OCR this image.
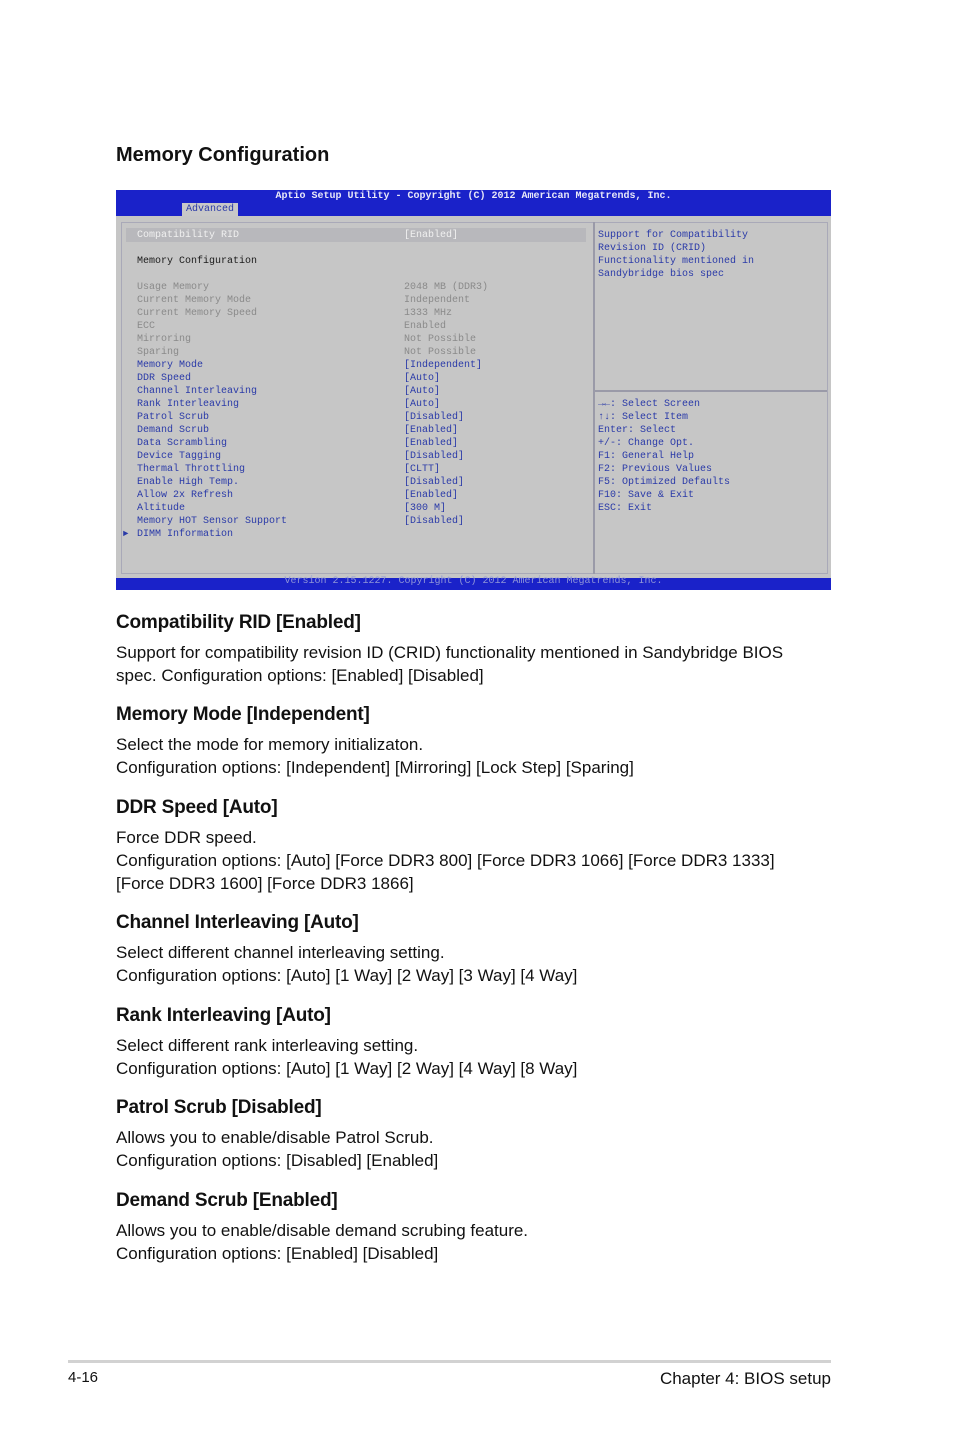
Memory Configuration
Aptio Setup Utility - Copyright (C) 2012 American Megatrends, Inc.
Advanced
Compatibility RID	[Enabled]
Memory Configuration
Usage Memory	2048 MB (DDR3)
Current Memory Mode	Independent
Current Memory Speed	1333 MHz
ECC	Enabled
Mirroring	Not Possible
Sparing	Not Possible
Memory Mode	[Independent]
DDR Speed	[Auto]
Channel Interleaving	[Auto]
Rank Interleaving	[Auto]
Patrol Scrub	[Disabled]
Demand Scrub	[Enabled]
Data Scrambling	[Enabled]
Device Tagging	[Disabled]
Thermal Throttling	[CLTT]
Enable High Temp.	[Disabled]
Allow 2x Refresh	[Enabled]
Altitude	[300 M]
Memory HOT Sensor Support	[Disabled]
► DIMM Information
Support for Compatibility
Revision ID (CRID)
Functionality mentioned in
Sandybridge bios spec
→←: Select Screen
↑↓: Select Item
Enter: Select
+/-: Change Opt.
F1: General Help
F2: Previous Values
F5: Optimized Defaults
F10: Save & Exit
ESC: Exit
Version 2.15.1227. Copyright (C) 2012 American Megatrends, Inc.
Compatibility RID [Enabled]

Support for compatibility revision ID (CRID) functionality mentioned in Sandybridge BIOS
spec. Configuration options: [Enabled] [Disabled]

Memory Mode [Independent]

Select the mode for memory initializaton.
Configuration options: [Independent] [Mirroring] [Lock Step] [Sparing]

DDR Speed [Auto]

Force DDR speed.
Configuration options: [Auto] [Force DDR3 800] [Force DDR3 1066] [Force DDR3 1333]
[Force DDR3 1600] [Force DDR3 1866]

Channel Interleaving [Auto]

Select different channel interleaving setting.
Configuration options: [Auto] [1 Way] [2 Way] [3 Way] [4 Way]

Rank Interleaving [Auto]

Select different rank interleaving setting.
Configuration options: [Auto] [1 Way] [2 Way] [4 Way] [8 Way]

Patrol Scrub [Disabled]

Allows you to enable/disable Patrol Scrub.
Configuration options: [Disabled] [Enabled]

Demand Scrub [Enabled]

Allows you to enable/disable demand scrubing feature.
Configuration options: [Enabled] [Disabled]

4-16	Chapter 4: BIOS setup
